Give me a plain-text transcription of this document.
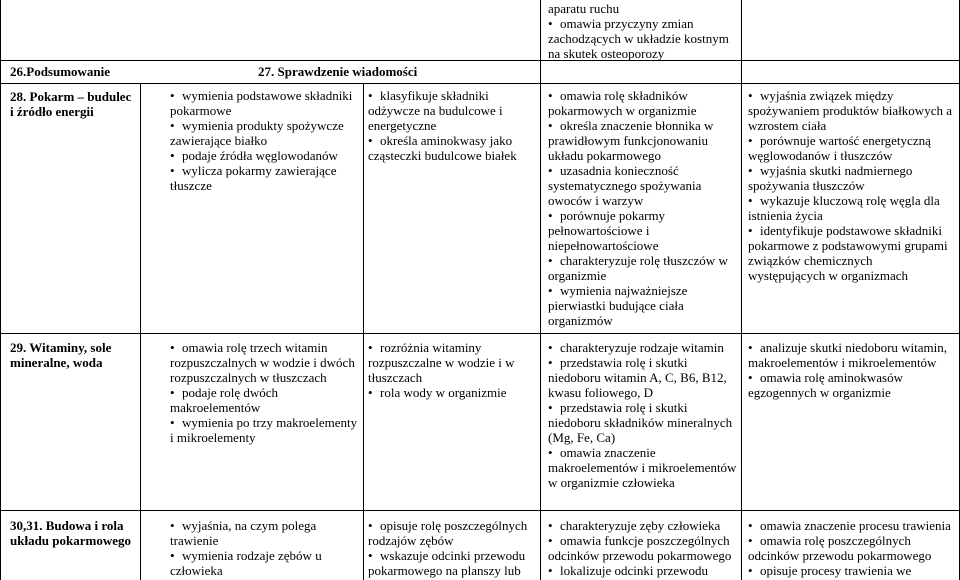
aparatu ruchu
• omawia przyczyny zmian zachodzących w układzie kostnym na skutek osteoporozy
26.Podsumowanie	27. Sprawdzenie wiadomości
28. Pokarm – budulec i źródło energii
• wymienia podstawowe składniki pokarmowe
• wymienia produkty spożywcze zawierające białko
• podaje źródła węglowodanów
• wylicza pokarmy zawierające tłuszcze
• klasyfikuje składniki odżywcze na budulcowe i energetyczne
• określa aminokwasy jako cząsteczki budulcowe białek
• omawia rolę składników pokarmowych w organizmie
• określa znaczenie błonnika w prawidłowym funkcjonowaniu układu pokarmowego
• uzasadnia konieczność systematycznego spożywania owoców i warzyw
• porównuje pokarmy pełnowartościowe i niepełnowartościowe
• charakteryzuje rolę tłuszczów w organizmie
• wymienia najważniejsze pierwiastki budujące ciała organizmów
• wyjaśnia związek między spożywaniem produktów białkowych a wzrostem ciała
• porównuje wartość energetyczną węglowodanów i tłuszczów
• wyjaśnia skutki nadmiernego spożywania tłuszczów
• wykazuje kluczową rolę węgla dla istnienia życia
• identyfikuje podstawowe składniki pokarmowe z podstawowymi grupami związków chemicznych występujących w organizmach
29. Witaminy, sole mineralne, woda
• omawia rolę trzech witamin rozpuszczalnych w wodzie i dwóch rozpuszczalnych w tłuszczach
• podaje rolę dwóch makroelementów
• wymienia po trzy makroelementy i mikroelementy
• rozróżnia witaminy rozpuszczalne w wodzie i w tłuszczach
• rola wody w organizmie
• charakteryzuje rodzaje witamin
• przedstawia rolę i skutki niedoboru witamin A, C, B6, B12, kwasu foliowego, D
• przedstawia rolę i skutki niedoboru składników mineralnych (Mg, Fe, Ca)
• omawia znaczenie makroelementów i mikroelementów w organizmie człowieka
• analizuje skutki niedoboru witamin, makroelementów i mikroelementów
• omawia rolę aminokwasów egzogennych w organizmie
30,31. Budowa i rola układu pokarmowego
• wyjaśnia, na czym polega trawienie
• wymienia rodzaje zębów u człowieka
• opisuje rolę poszczególnych rodzajów zębów
• wskazuje odcinki przewodu pokarmowego na planszy lub
• charakteryzuje zęby człowieka
• omawia funkcje poszczególnych odcinków przewodu pokarmowego
• lokalizuje odcinki przewodu
• omawia znaczenie procesu trawienia
• omawia rolę poszczególnych odcinków przewodu pokarmowego
• opisuje procesy trawienia we
